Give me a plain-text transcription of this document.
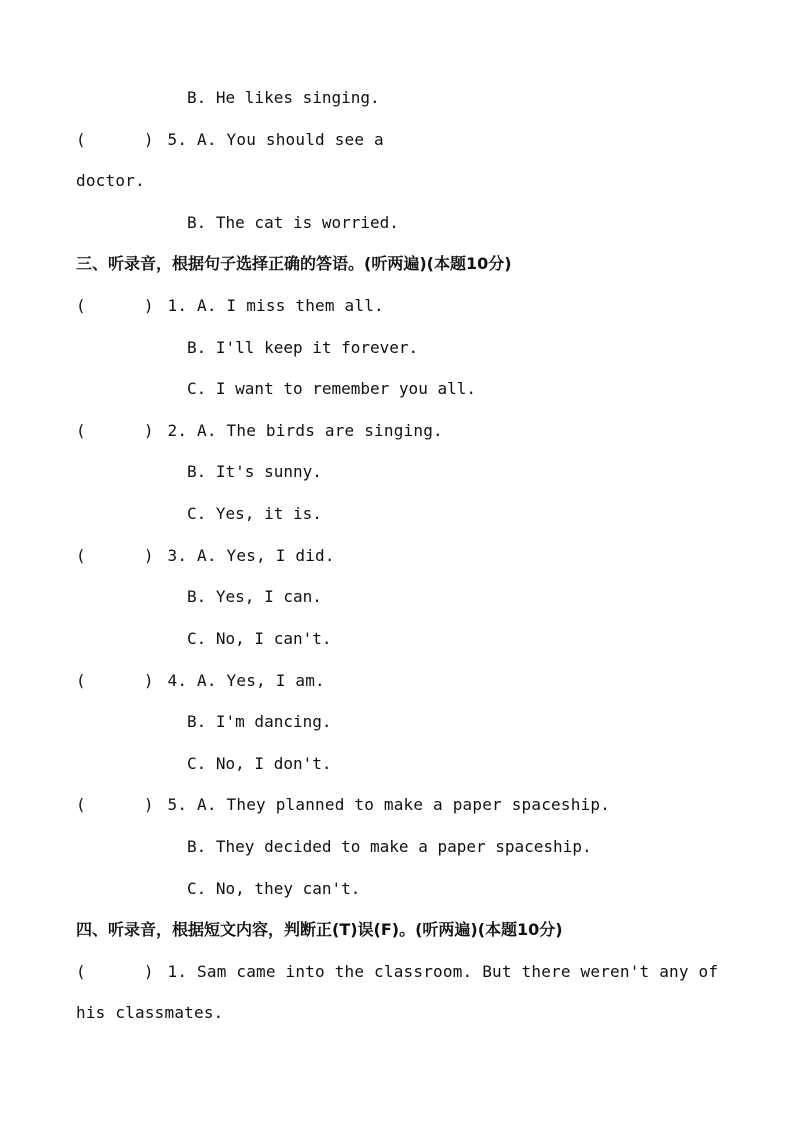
B. He likes singing.
(	) 5. A. You should see a
doctor.
B. The cat is worried.
三、听录音，根据句子选择正确的答语。(听两遍)(本题10分)
(	) 1. A. I miss them all.
B. I'll keep it forever.
C. I want to remember you all.
(	) 2. A. The birds are singing.
B. It's sunny.
C. Yes, it is.
(	) 3. A. Yes, I did.
B. Yes, I can.
C. No, I can't.
(	) 4. A. Yes, I am.
B. I'm dancing.
C. No, I don't.
(	) 5. A. They planned to make a paper spaceship.
B. They decided to make a paper spaceship.
C. No, they can't.
四、听录音，根据短文内容，判断正(T)误(F)。(听两遍)(本题10分)
(	) 1. Sam came into the classroom. But there weren't any of
his classmates.
